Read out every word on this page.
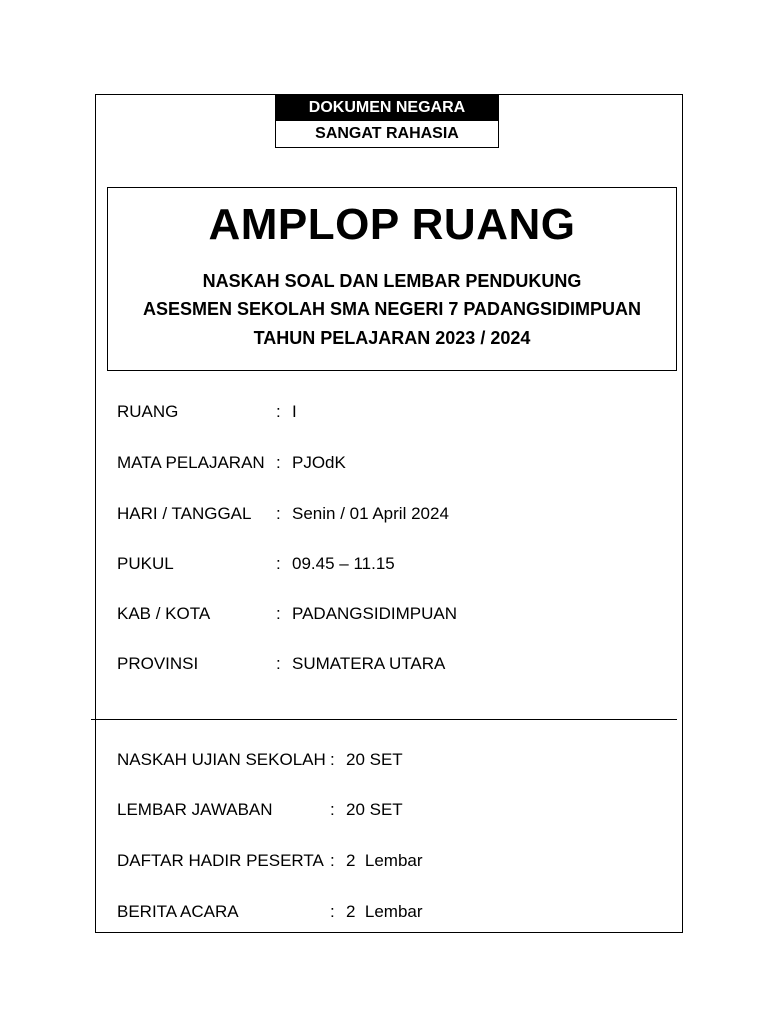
DOKUMEN NEGARA
SANGAT RAHASIA
AMPLOP RUANG
NASKAH SOAL DAN LEMBAR PENDUKUNG
ASESMEN SEKOLAH SMA NEGERI 7 PADANGSIDIMPUAN
TAHUN PELAJARAN 2023 / 2024
RUANG	: I
MATA PELAJARAN : PJOdK
HARI / TANGGAL : Senin / 01 April 2024
PUKUL	: 09.45 – 11.15
KAB / KOTA	: PADANGSIDIMPUAN
PROVINSI	: SUMATERA UTARA
NASKAH UJIAN SEKOLAH : 20 SET
LEMBAR JAWABAN	: 20 SET
DAFTAR HADIR PESERTA : 2  Lembar
BERITA ACARA	: 2  Lembar
